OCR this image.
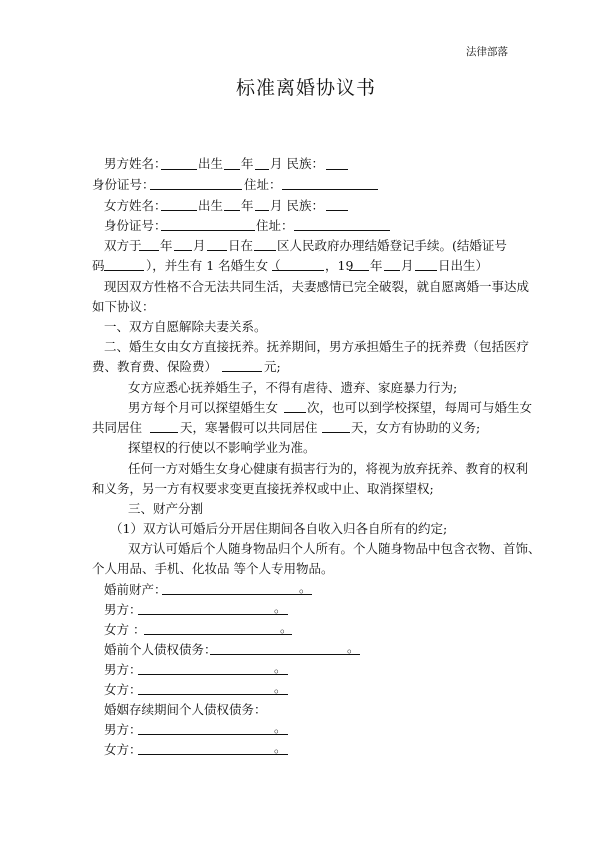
法律部落
标准离婚协议书
男方姓名：	出生 年 月 民族：
身份证号：	住址：
女方姓名：	出生 年 月 民族：
身份证号：	住址：
双方于 年 月 日在 区人民政府办理结婚登记手续。(结婚证号
码	），并生有 1 名婚生女（	，19 年 月 日出生）
现因双方性格不合无法共同生活，夫妻感情已完全破裂，就自愿离婚一事达成
如下协议：
一、双方自愿解除夫妻关系。
二、婚生女由女方直接抚养。抚养期间，男方承担婚生子的抚养费（包括医疗
费、教育费、保险费）	元;
女方应悉心抚养婚生子，不得有虐待、遗弃、家庭暴力行为;
男方每个月可以探望婚生女 次，也可以到学校探望，每周可与婚生女
共同居住	天，寒暑假可以共同居住	天，女方有协助的义务;
探望权的行使以不影响学业为准。
任何一方对婚生女身心健康有损害行为的，将视为放弃抚养、教育的权利
和义务，另一方有权要求变更直接抚养权或中止、取消探望权;
三、财产分割
（1）双方认可婚后分开居住期间各自收入归各自所有的约定;
双方认可婚后个人随身物品归个人所有。个人随身物品中包含衣物、首饰、
个人用品、手机、化妆品 等个人专用物品。
婚前财产：	。
男方：	。
女方 ：	。
婚前个人债权债务：	。
男方：	。
女方：	。
婚姻存续期间个人债权债务：
男方：	。
女方：	。
